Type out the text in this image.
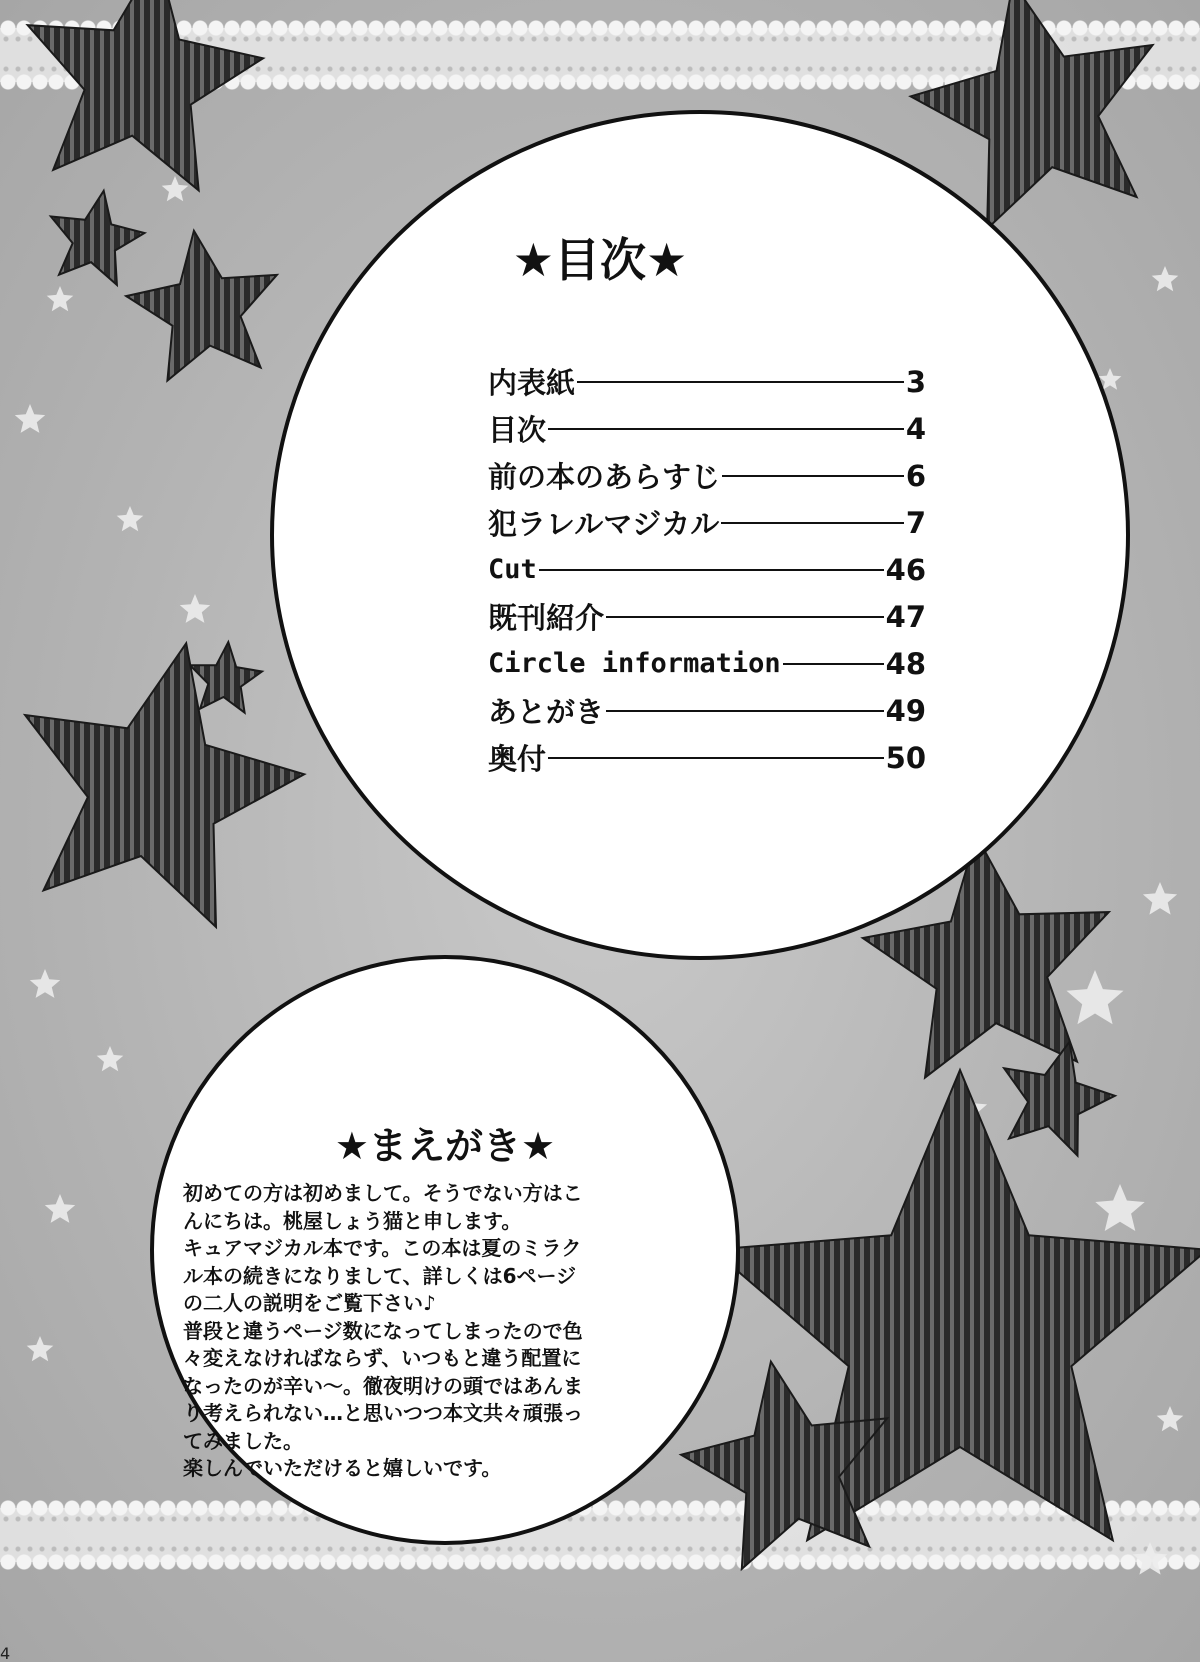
★目次★
内表紙	3
目次	4
前の本のあらすじ	6
犯ラレルマジカル	7
Cut	46
既刊紹介	47
Circle information	48
あとがき	49
奥付	50
★まえがき★
初めての方は初めまして。そうでない方はこ
んにちは。桃屋しょう猫と申します。
キュアマジカル本です。この本は夏のミラク
ル本の続きになりまして、詳しくは6ページ
の二人の説明をご覧下さい♪
普段と違うページ数になってしまったので色
々変えなければならず、いつもと違う配置に
なったのが辛い～。徹夜明けの頭ではあんま
り考えられない…と思いつつ本文共々頑張っ
てみました。
楽しんでいただけると嬉しいです。
4
